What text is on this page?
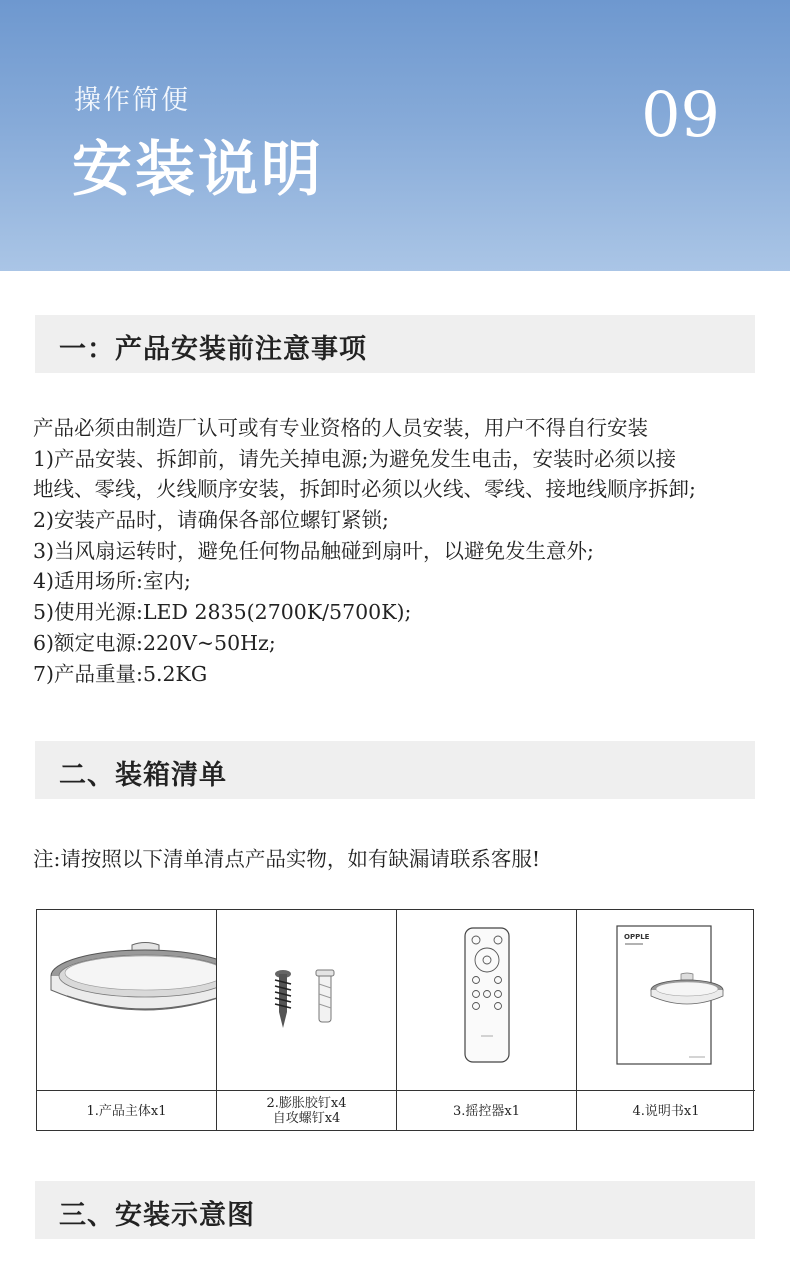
操作简便
安装说明
09
一：产品安装前注意事项
产品必须由制造厂认可或有专业资格的人员安装，用户不得自行安装
1)产品安装、拆卸前，请先关掉电源;为避免发生电击，安装时必须以接
地线、零线，火线顺序安装，拆卸时必须以火线、零线、接地线顺序拆卸;
2)安装产品时，请确保各部位螺钉紧锁;
3)当风扇运转时，避免任何物品触碰到扇叶，以避免发生意外;
4)适用场所:室内;
5)使用光源:LED 2835(2700K/5700K);
6)额定电源:220V~50Hz;
7)产品重量:5.2KG
二、装箱清单
注:请按照以下清单清点产品实物，如有缺漏请联系客服!
1.产品主体x1	2.膨胀胶钉x4
自攻螺钉x4	3.摇控器x1
OPPLE
4.说明书x1
三、安装示意图
